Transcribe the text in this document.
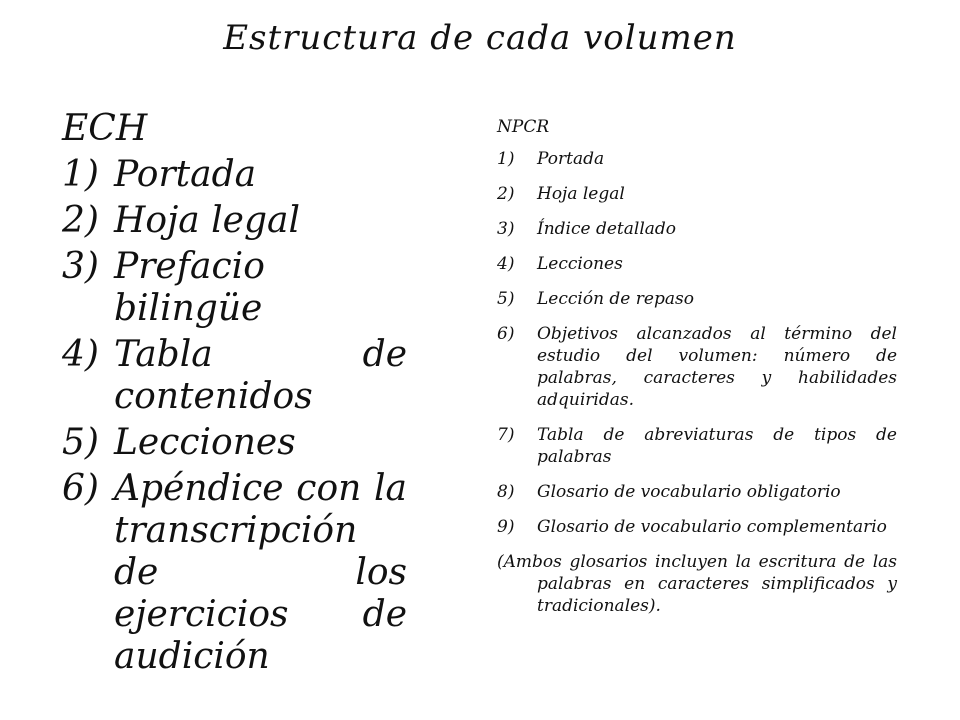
Estructura de cada volumen
ECH
1) Portada
2) Hoja legal
3) Prefacio bilingüe
4) Tabla de contenidos
5) Lecciones
6) Apéndice con la transcripción de los ejercicios de audición
NPCR
1)	Portada
2)	Hoja legal
3)	Índice detallado
4)	Lecciones
5)	Lección de repaso
6)	Objetivos alcanzados al término del estudio del volumen: número de palabras, caracteres y habilidades adquiridas.
7)	Tabla de abreviaturas de tipos de palabras
8)	Glosario de vocabulario obligatorio
9)	Glosario de vocabulario complementario
(Ambos glosarios incluyen la escritura de las palabras en caracteres simplificados y tradicionales).
